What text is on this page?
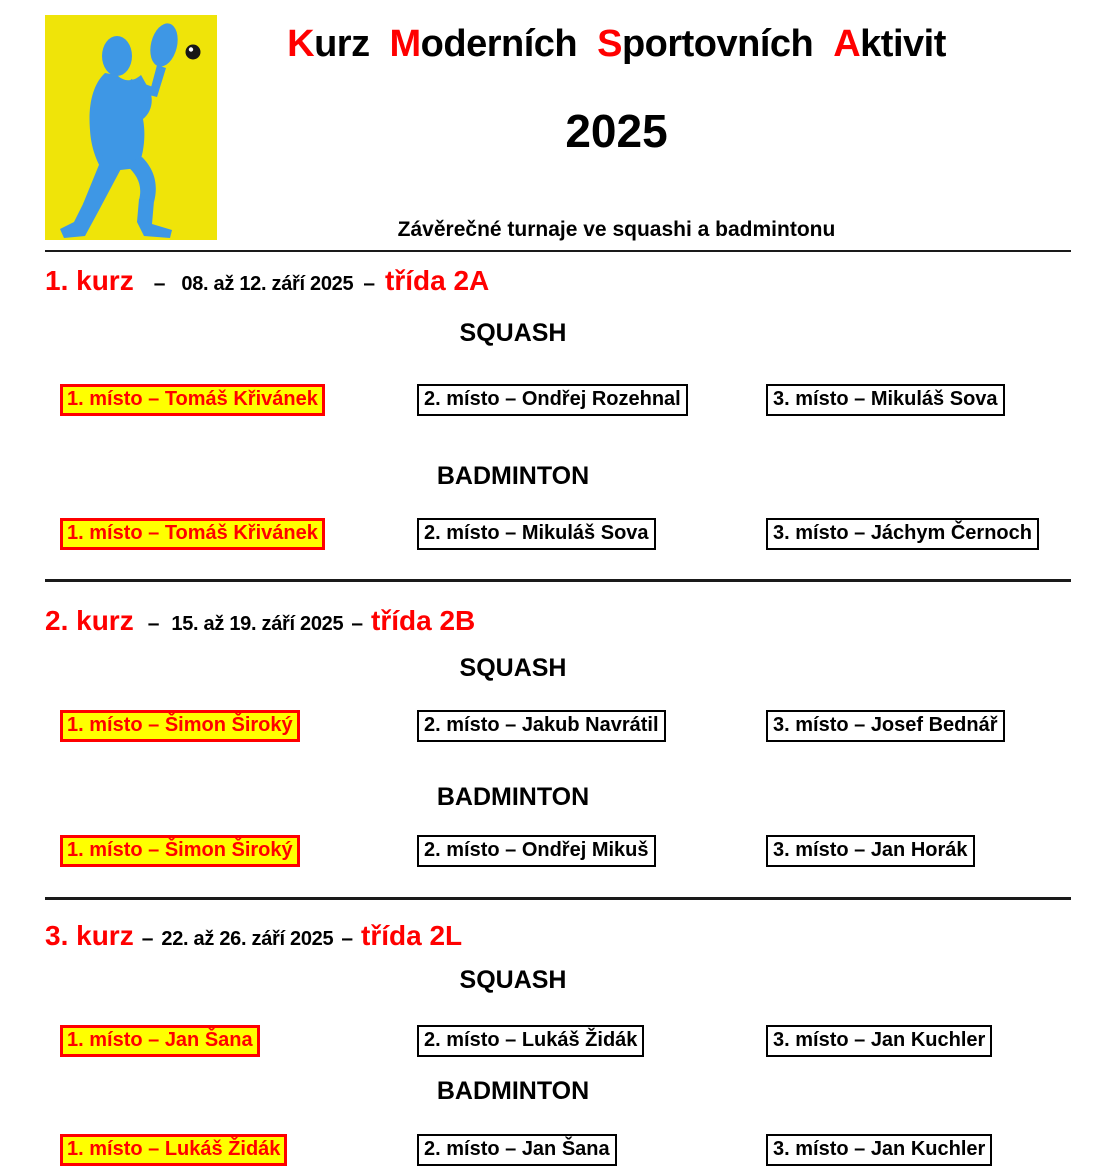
Kurz Moderních Sportovních Aktivit
2025
Závěrečné turnaje ve squashi a badmintonu
1. kurz – 08. až 12. září 2025 – třída 2A
SQUASH
1. místo – Tomáš Křivánek	2. místo – Ondřej Rozehnal	3. místo – Mikuláš Sova
BADMINTON
1. místo – Tomáš Křivánek	2. místo – Mikuláš Sova	3. místo – Jáchym Černoch
2. kurz – 15. až 19. září 2025 – třída 2B
SQUASH
1. místo – Šimon Široký	2. místo – Jakub Navrátil	3. místo – Josef Bednář
BADMINTON
1. místo – Šimon Široký	2. místo – Ondřej Mikuš	3. místo – Jan Horák
3. kurz – 22. až 26. září 2025 – třída 2L
SQUASH
1. místo – Jan Šana	2. místo – Lukáš Židák	3. místo – Jan Kuchler
BADMINTON
1. místo – Lukáš Židák	2. místo – Jan Šana	3. místo – Jan Kuchler
